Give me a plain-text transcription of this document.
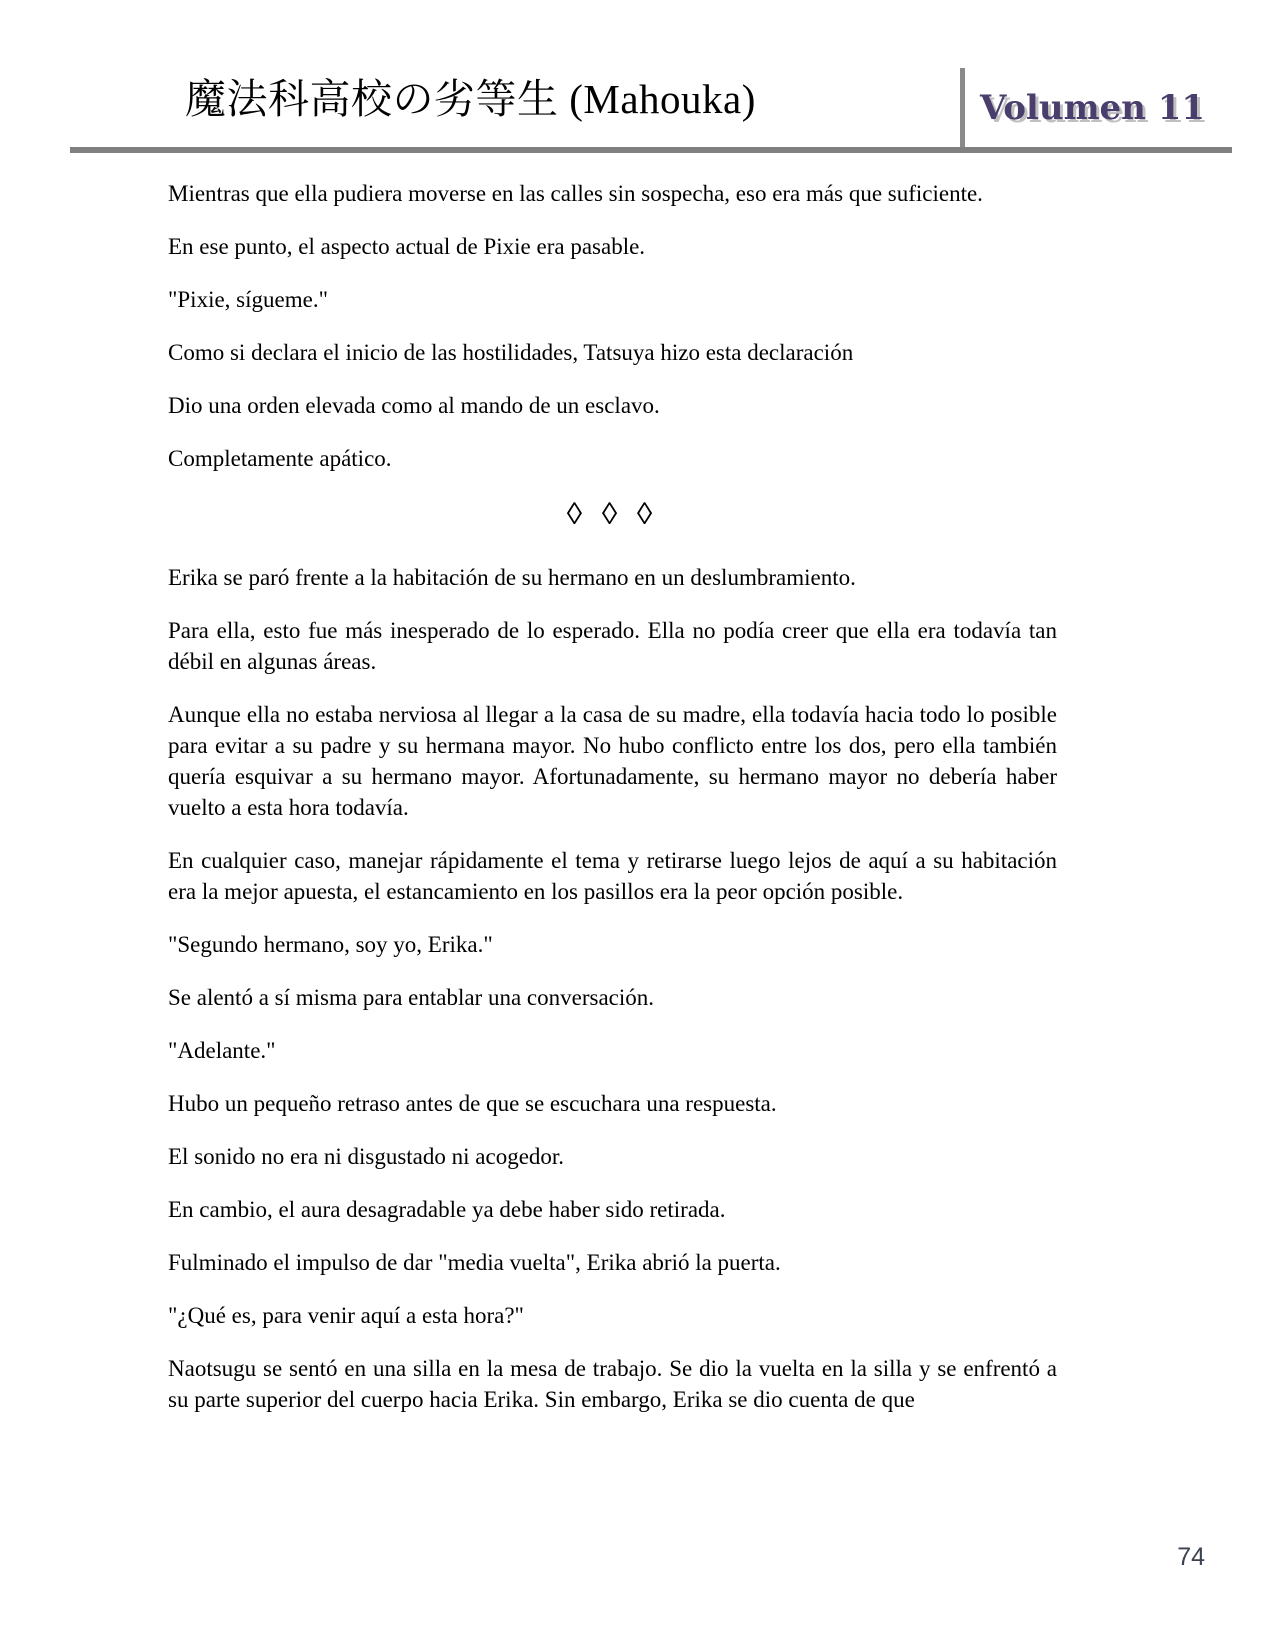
魔法科高校の劣等生 (Mahouka)	Volumen 11

Mientras que ella pudiera moverse en las calles sin sospecha, eso era más que suficiente.

En ese punto, el aspecto actual de Pixie era pasable.

"Pixie, sígueme."

Como si declara el inicio de las hostilidades, Tatsuya hizo esta declaración

Dio una orden elevada como al mando de un esclavo.

Completamente apático.

◊ ◊ ◊

Erika se paró frente a la habitación de su hermano en un deslumbramiento.

Para ella, esto fue más inesperado de lo esperado. Ella no podía creer que ella era todavía tan débil en algunas áreas.

Aunque ella no estaba nerviosa al llegar a la casa de su madre, ella todavía hacia todo lo posible para evitar a su padre y su hermana mayor. No hubo conflicto entre los dos, pero ella también quería esquivar a su hermano mayor. Afortunadamente, su hermano mayor no debería haber vuelto a esta hora todavía.

En cualquier caso, manejar rápidamente el tema y retirarse luego lejos de aquí a su habitación era la mejor apuesta, el estancamiento en los pasillos era la peor opción posible.

"Segundo hermano, soy yo, Erika."

Se alentó a sí misma para entablar una conversación.

"Adelante."

Hubo un pequeño retraso antes de que se escuchara una respuesta.

El sonido no era ni disgustado ni acogedor.

En cambio, el aura desagradable ya debe haber sido retirada.

Fulminado el impulso de dar "media vuelta", Erika abrió la puerta.

"¿Qué es, para venir aquí a esta hora?"

Naotsugu se sentó en una silla en la mesa de trabajo. Se dio la vuelta en la silla y se enfrentó a su parte superior del cuerpo hacia Erika. Sin embargo, Erika se dio cuenta de que

74
